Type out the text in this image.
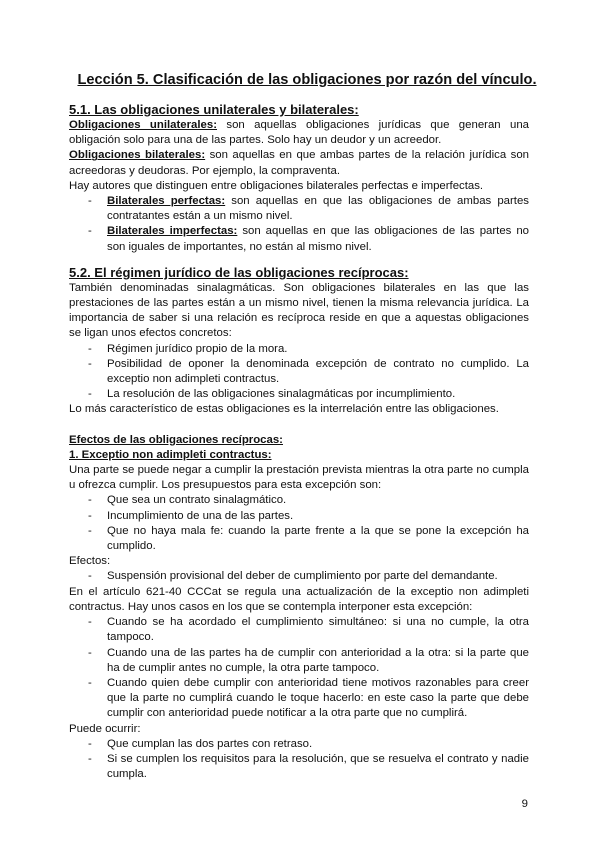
Lección 5. Clasificación de las obligaciones por razón del vínculo.
5.1. Las obligaciones unilaterales y bilaterales:

Obligaciones unilaterales: son aquellas obligaciones jurídicas que generan una obligación solo para una de las partes. Solo hay un deudor y un acreedor.

Obligaciones bilaterales: son aquellas en que ambas partes de la relación jurídica son acreedoras y deudoras. Por ejemplo, la compraventa.

Hay autores que distinguen entre obligaciones bilaterales perfectas e imperfectas.

- Bilaterales perfectas: son aquellas en que las obligaciones de ambas partes contratantes están a un mismo nivel.
- Bilaterales imperfectas: son aquellas en que las obligaciones de las partes no son iguales de importantes, no están al mismo nivel.
5.2. El régimen jurídico de las obligaciones recíprocas:

También denominadas sinalagmáticas. Son obligaciones bilaterales en las que las prestaciones de las partes están a un mismo nivel, tienen la misma relevancia jurídica. La importancia de saber si una relación es recíproca reside en que a aquestas obligaciones se ligan unos efectos concretos:

- Régimen jurídico propio de la mora.
- Posibilidad de oponer la denominada excepción de contrato no cumplido. La exceptio non adimpleti contractus.
- La resolución de las obligaciones sinalagmáticas por incumplimiento.

Lo más característico de estas obligaciones es la interrelación entre las obligaciones.

Efectos de las obligaciones recíprocas:
1. Exceptio non adimpleti contractus:

Una parte se puede negar a cumplir la prestación prevista mientras la otra parte no cumpla u ofrezca cumplir. Los presupuestos para esta excepción son:

- Que sea un contrato sinalagmático.
- Incumplimiento de una de las partes.
- Que no haya mala fe: cuando la parte frente a la que se pone la excepción ha cumplido.

Efectos:

- Suspensión provisional del deber de cumplimiento por parte del demandante.

En el artículo 621-40 CCCat se regula una actualización de la exceptio non adimpleti contractus. Hay unos casos en los que se contempla interponer esta excepción:

- Cuando se ha acordado el cumplimiento simultáneo: si una no cumple, la otra tampoco.
- Cuando una de las partes ha de cumplir con anterioridad a la otra: si la parte que ha de cumplir antes no cumple, la otra parte tampoco.
- Cuando quien debe cumplir con anterioridad tiene motivos razonables para creer que la parte no cumplirá cuando le toque hacerlo: en este caso la parte que debe cumplir con anterioridad puede notificar a la otra parte que no cumplirá.

Puede ocurrir:

- Que cumplan las dos partes con retraso.
- Si se cumplen los requisitos para la resolución, que se resuelva el contrato y nadie cumpla.
9
